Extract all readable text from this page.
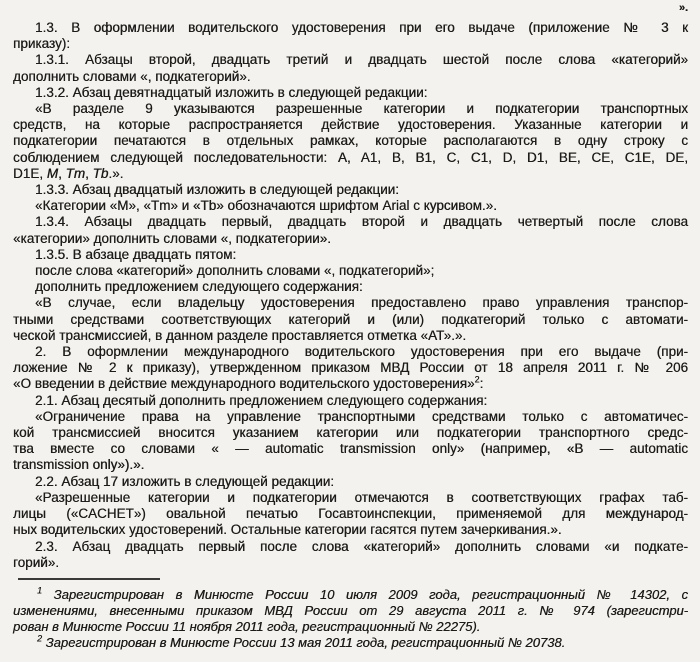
».
1.3. В оформлении водительского удостоверения при его выдаче (приложение № 3 к
приказу):
1.3.1. Абзацы второй, двадцать третий и двадцать шестой после слова «категорий»
дополнить словами «, подкатегорий».
1.3.2. Абзац девятнадцатый изложить в следующей редакции:
«В разделе 9 указываются разрешенные категории и подкатегории транспортных
средств, на которые распространяется действие удостоверения. Указанные категории и
подкатегории печатаются в отдельных рамках, которые располагаются в одну строку с
соблюдением следующей последовательности: A, A1, B, B1, C, C1, D, D1, BE, CE, C1E, DE,
D1E, M, Tm, Tb.».
1.3.3. Абзац двадцатый изложить в следующей редакции:
«Категории «М», «Tm» и «Tb» обозначаются шрифтом Arial с курсивом.».
1.3.4. Абзацы двадцать первый, двадцать второй и двадцать четвертый после слова
«категории» дополнить словами «, подкатегории».
1.3.5. В абзаце двадцать пятом:
после слова «категорий» дополнить словами «, подкатегорий»;
дополнить предложением следующего содержания:
«В случае, если владельцу удостоверения предоставлено право управления транспор-
тными средствами соответствующих категорий и (или) подкатегорий только с автомати-
ческой трансмиссией, в данном разделе проставляется отметка «АТ».».
2. В оформлении международного водительского удостоверения при его выдаче (при-
ложение № 2 к приказу), утвержденном приказом МВД России от 18 апреля 2011 г. № 206
«О введении в действие международного водительского удостоверения»$^2$:
2.1. Абзац десятый дополнить предложением следующего содержания:
«Ограничение права на управление транспортными средствами только с автоматичес-
кой трансмиссией вносится указанием категории или подкатегории транспортного средс-
тва вместе со словами « — automatic transmission only» (например, «В — automatic
transmission only»).».
2.2. Абзац 17 изложить в следующей редакции:
«Разрешенные категории и подкатегории отмечаются в соответствующих графах таб-
лицы («CACHET») овальной печатью Госавтоинспекции, применяемой для международ-
ных водительских удостоверений. Остальные категории гасятся путем зачеркивания.».
2.3. Абзац двадцать первый после слова «категорий» дополнить словами «и подкате-
горий».
$^1$ Зарегистрирован в Минюсте России 10 июля 2009 года, регистрационный № 14302, с
изменениями, внесенными приказом МВД России от 29 августа 2011 г. № 974 (зарегистри-
рован в Минюсте России 11 ноября 2011 года, регистрационный № 22275).
$^2$ Зарегистрирован в Минюсте России 13 мая 2011 года, регистрационный № 20738.
